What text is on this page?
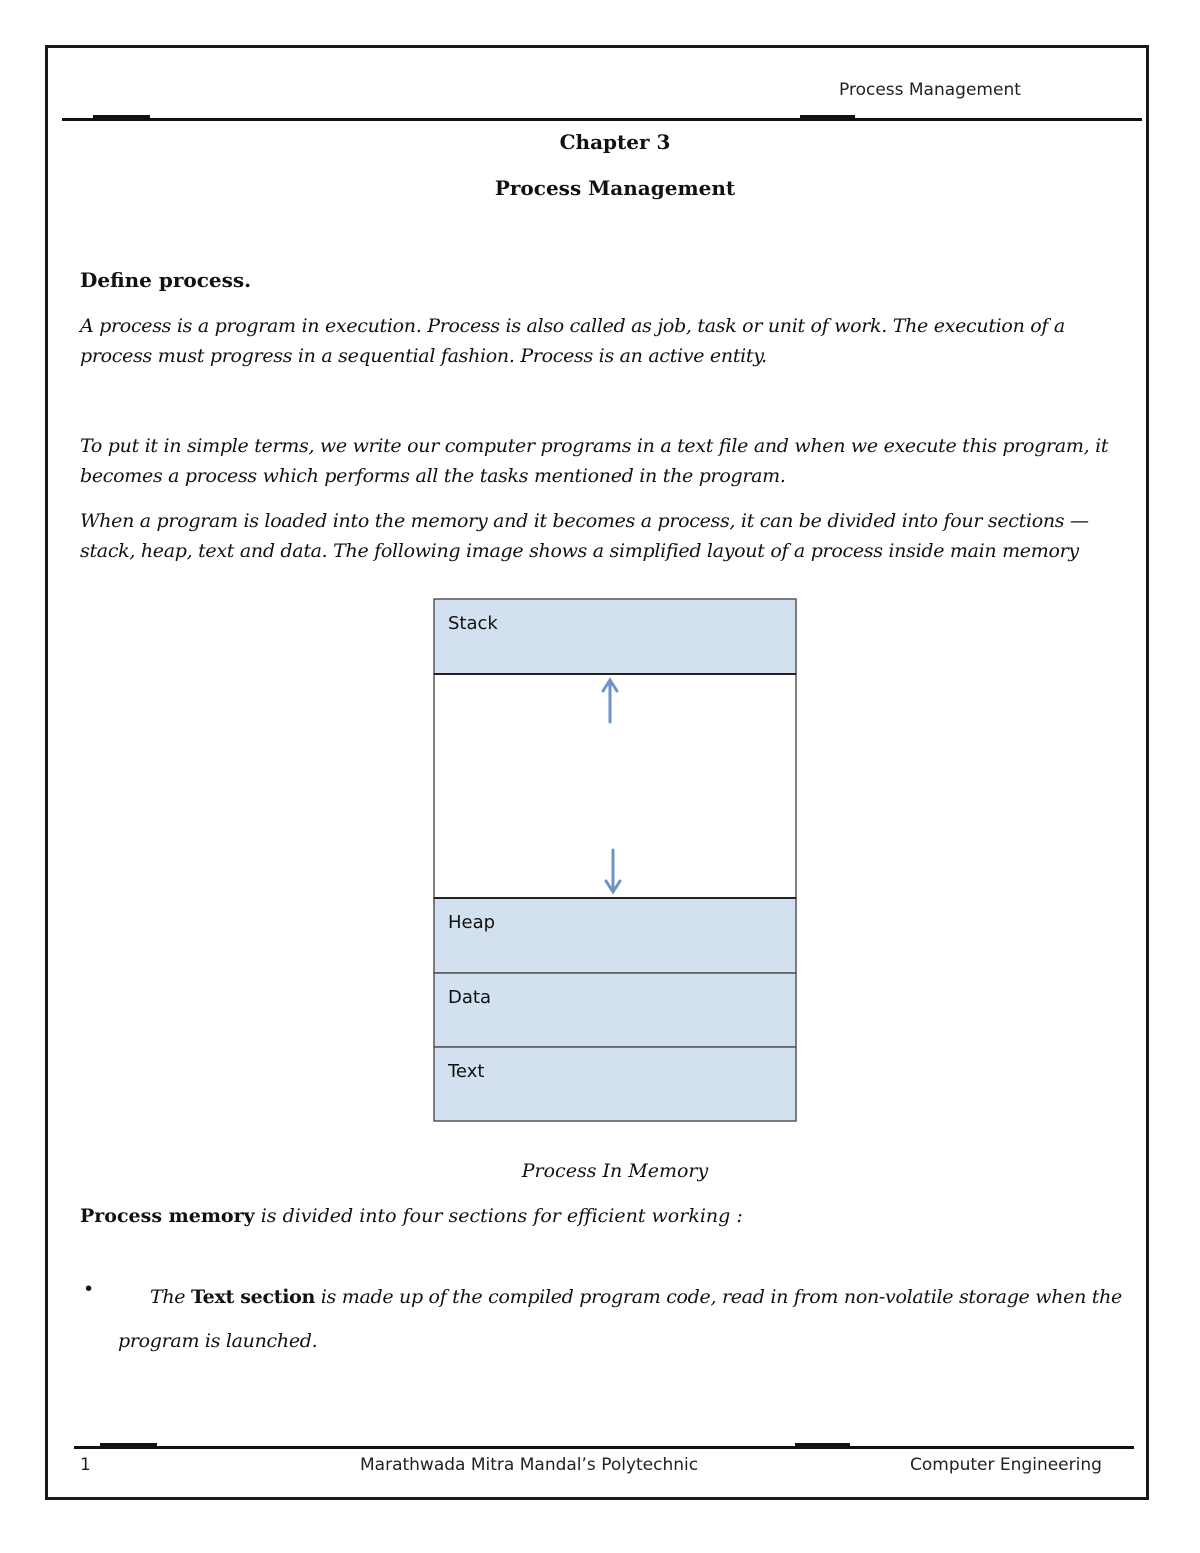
Process Management
Chapter 3
Process Management
Define process.
A process is a program in execution. Process is also called as job, task or unit of work. The execution of a process must progress in a sequential fashion. Process is an active entity.
To put it in simple terms, we write our computer programs in a text file and when we execute this program, it becomes a process which performs all the tasks mentioned in the program.
When a program is loaded into the memory and it becomes a process, it can be divided into four sections — stack, heap, text and data. The following image shows a simplified layout of a process inside main memory
Stack
Heap
Data
Text
Process In Memory
Process memory is divided into four sections for efficient working :
•	The Text section is made up of the compiled program code, read in from non-volatile storage when the program is launched.
1	Marathwada Mitra Mandal’s Polytechnic	Computer Engineering
